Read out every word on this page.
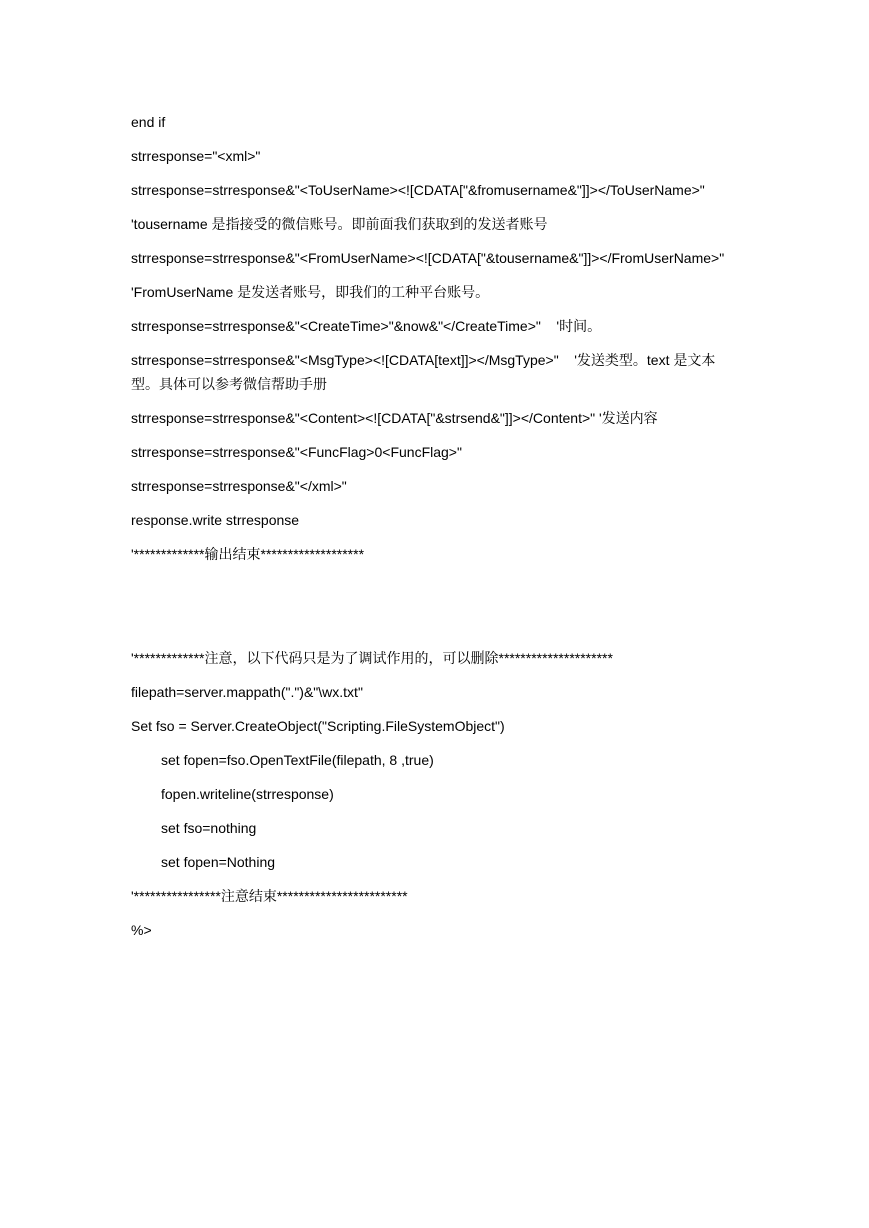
end if
strresponse="<xml>"
strresponse=strresponse&"<ToUserName><![CDATA["&fromusername&"]]></ToUserName>"
'tousername 是指接受的微信账号。即前面我们获取到的发送者账号
strresponse=strresponse&"<FromUserName><![CDATA["&tousername&"]]></FromUserName>"
'FromUserName 是发送者账号，即我们的工种平台账号。
strresponse=strresponse&"<CreateTime>"&now&"</CreateTime>"    '时间。
strresponse=strresponse&"<MsgType><![CDATA[text]]></MsgType>"    '发送类型。text 是文本
型。具体可以参考微信帮助手册
strresponse=strresponse&"<Content><![CDATA["&strsend&"]]></Content>" '发送内容
strresponse=strresponse&"<FuncFlag>0<FuncFlag>"
strresponse=strresponse&"</xml>"
response.write strresponse
'*************输出结束*******************
'*************注意，以下代码只是为了调试作用的，可以删除*********************
filepath=server.mappath(".")&"\wx.txt"
Set fso = Server.CreateObject("Scripting.FileSystemObject")
set fopen=fso.OpenTextFile(filepath, 8 ,true)
fopen.writeline(strresponse)
set fso=nothing
set fopen=Nothing
'****************注意结束************************
%>
